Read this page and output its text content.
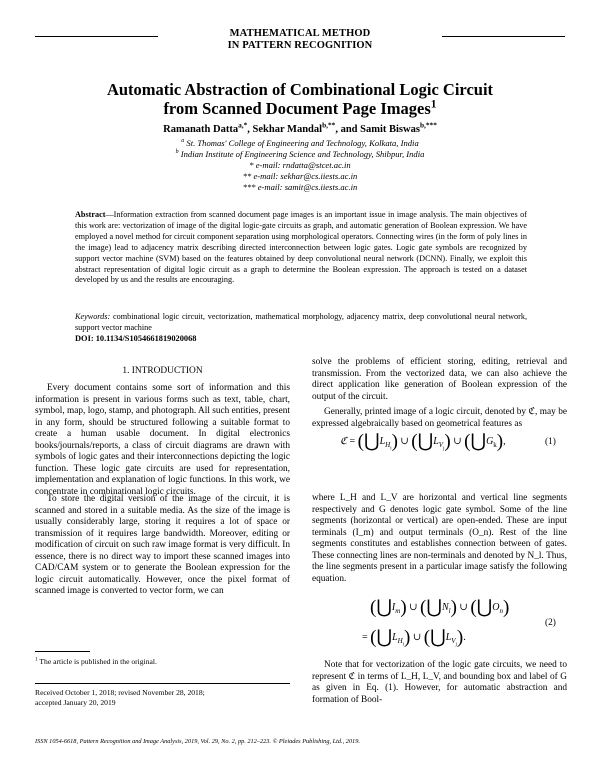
MATHEMATICAL METHOD
IN PATTERN RECOGNITION
Automatic Abstraction of Combinational Logic Circuit
from Scanned Document Page Images$^1$
Ramanath Datta$^{a,*}$, Sekhar Mandal$^{b,**}$, and Samit Biswas$^{b,***}$
$^a$ St. Thomas' College of Engineering and Technology, Kolkata, India
$^b$ Indian Institute of Engineering Science and Technology, Shibpur, India
* e-mail: rndatta@stcet.ac.in
** e-mail: sekhar@cs.iiests.ac.in
*** e-mail: samit@cs.iiests.ac.in
Abstract—Information extraction from scanned document page images is an important issue in image analysis. The main objectives of this work are: vectorization of image of the digital logic-gate circuits as graph, and automatic generation of Boolean expression. We have employed a novel method for circuit component separation using morphological operators. Connecting wires (in the form of poly lines in the image) lead to adjacency matrix describing directed interconnection between logic gates. Logic gate symbols are recognized by support vector machine (SVM) based on the features obtained by deep convolutional neural network (DCNN). Finally, we exploit this abstract representation of digital logic circuit as a graph to determine the Boolean expression. The approach is tested on a dataset developed by us and the results are encouraging.
Keywords: combinational logic circuit, vectorization, mathematical morphology, adjacency matrix, deep convolutional neural network, support vector machine
DOI: 10.1134/S1054661819020068
1. INTRODUCTION

Every document contains some sort of information and this information is present in various forms such as text, table, chart, symbol, map, logo, stamp, and photograph. All such entities, present in any form, should be structured following a suitable format to create a human usable document. In digital electronics books/journals/reports, a class of circuit diagrams are drawn with symbols of logic gates and their interconnections depicting the logic function. These logic gate circuits are used for representation, implementation and explanation of logic functions. In this work, we concentrate in combinational logic circuits.

To store the digital version of the image of the circuit, it is scanned and stored in a suitable media. As the size of the image is usually considerably large, storing it requires a lot of space or transmission of it requires large bandwidth. Moreover, editing or modification of circuit on such raw image format is very difficult. In essence, there is no direct way to import these scanned images into CAD/CAM system or to generate the Boolean expression for the logic circuit automatically. However, once the pixel format of scanned image is converted to vector form, we can

$^1$ The article is published in the original.
Received October 1, 2018; revised November 28, 2018;
accepted January 20, 2019

solve the problems of efficient storing, editing, retrieval and transmission. From the vectorized data, we can also achieve the direct application like generation of Boolean expression of the output of the circuit.

Generally, printed image of a logic circuit, denoted by ℭ, may be expressed algebraically based on geometrical features as

ℭ = $(⋃L_{H_i})$ ∪ $(⋃L_{V_j})$ ∪ $(⋃G_k)$,	(1)

where L_H and L_V are horizontal and vertical line segments respectively and G denotes logic gate symbol. Some of the line segments (horizontal or vertical) are open-ended. These are input terminals (I_m) and output terminals (O_n). Rest of the line segments constitutes and establishes connection between of gates. These connecting lines are non-terminals and denoted by N_l. Thus, the line segments present in a particular image satisfy the following equation.

$(⋃I_m)$ ∪ $(⋃N_l)$ ∪ $(⋃O_n)$
= $(⋃L_{H_i})$ ∪ $(⋃L_{V_j})$.
(2)

Note that for vectorization of the logic gate circuits, we need to represent ℭ in terms of L_H, L_V, and bounding box and label of G as given in Eq. (1). However, for automatic abstraction and formation of Bool-

ISSN 1054-6618, Pattern Recognition and Image Analysis, 2019, Vol. 29, No. 2, pp. 212–223. © Pleiades Publishing, Ltd., 2019.
